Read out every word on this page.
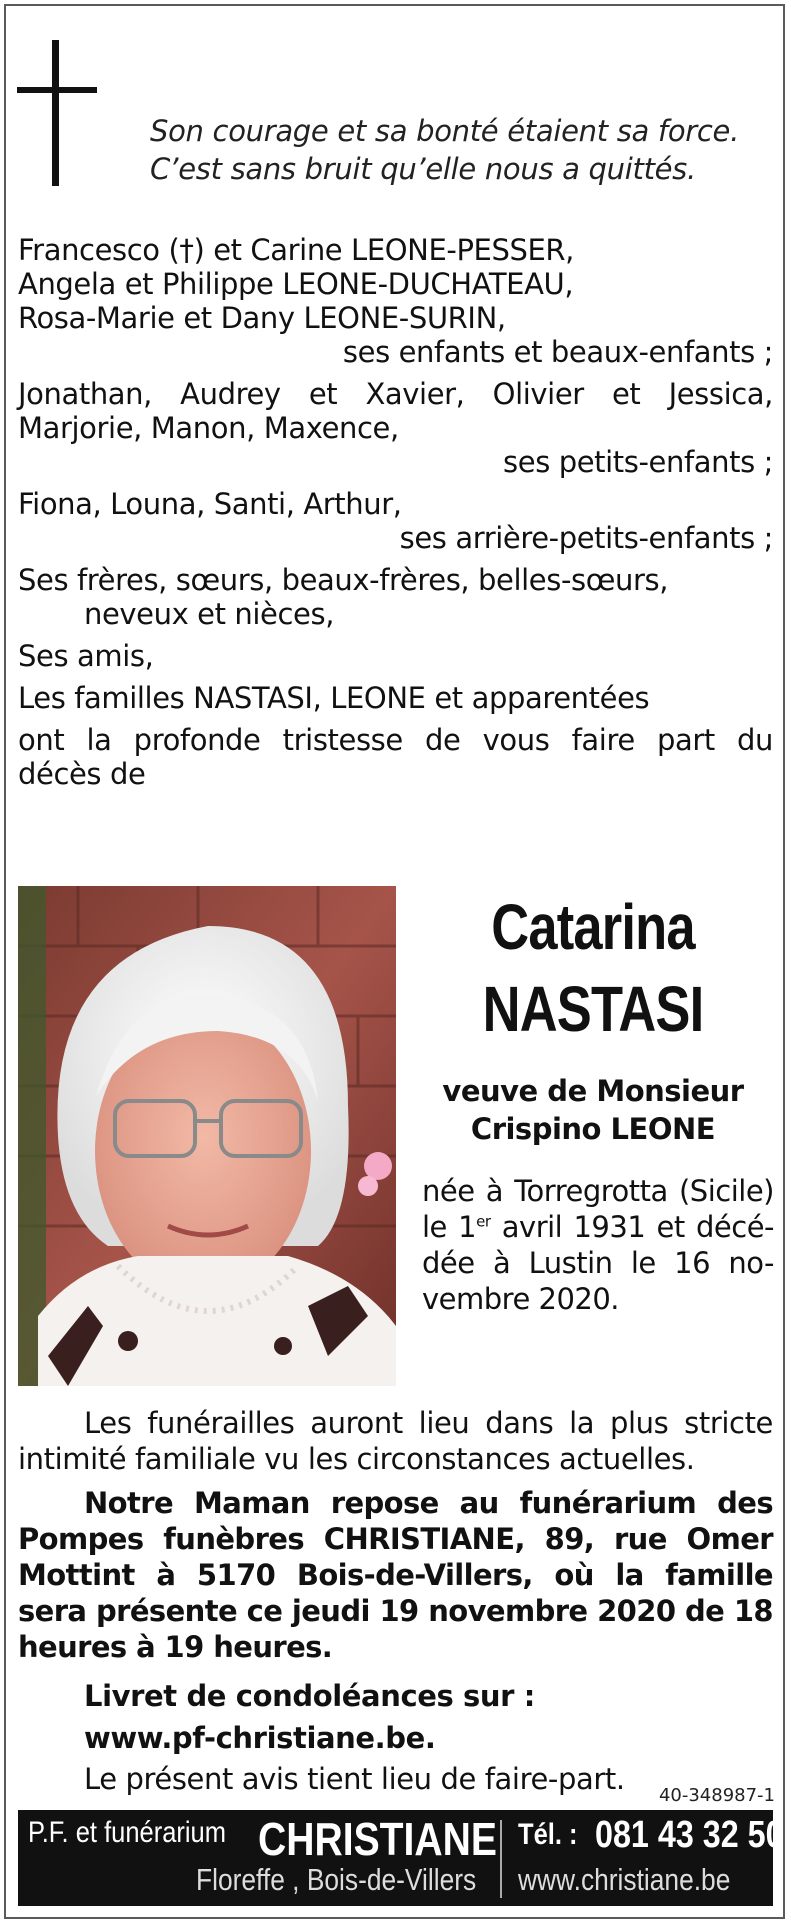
Son courage et sa bonté étaient sa force.
C’est sans bruit qu’elle nous a quittés.
Francesco (†) et Carine LEONE-PESSER,
Angela et Philippe LEONE-DUCHATEAU,
Rosa-Marie et Dany LEONE-SURIN,
ses enfants et beaux-enfants ;
Jonathan, Audrey et Xavier, Olivier et Jessica,
Marjorie, Manon, Maxence,
ses petits-enfants ;
Fiona, Louna, Santi, Arthur,
ses arrière-petits-enfants ;
Ses frères, sœurs, beaux-frères, belles-sœurs,
neveux et nièces,
Ses amis,
Les familles NASTASI, LEONE et apparentées
ont la profonde tristesse de vous faire part du
décès de
Catarina
NASTASI
veuve de Monsieur
Crispino LEONE
née à Torregrotta (Sicile)
le 1er avril 1931 et décé-
dée à Lustin le 16 no-
vembre 2020.

Les funérailles auront lieu dans la plus stricte intimité familiale vu les circonstances actuelles.

Notre Maman repose au funérarium des Pompes funèbres CHRISTIANE, 89, rue Omer Mottint à 5170 Bois-de-Villers, où la famille sera présente ce jeudi 19 novembre 2020 de 18 heures à 19 heures.

Livret de condoléances sur :

www.pf-christiane.be.

Le présent avis tient lieu de faire-part.	40-348987-1
P.F. et funérarium CHRISTIANE
Floreffe , Bois-de-Villers
Tél. : 081 43 32 50
www.christiane.be
